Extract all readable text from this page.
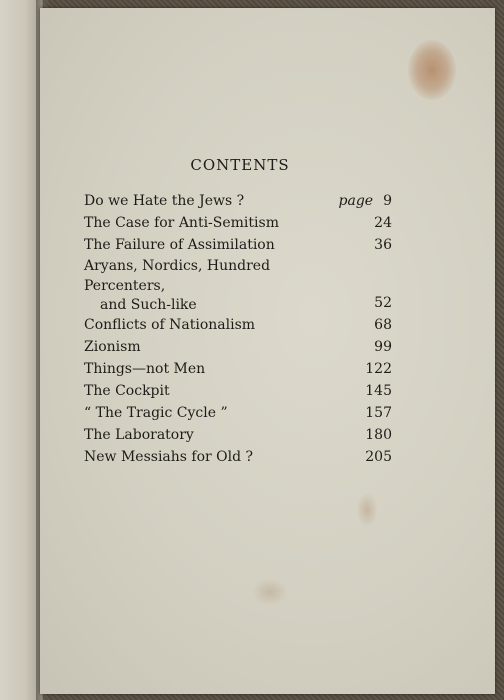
CONTENTS
Do we Hate the Jews ?	page 9
The Case for Anti-Semitism	24
The Failure of Assimilation	36
Aryans, Nordics, Hundred Percenters,
and Such-like	52
Conflicts of Nationalism	68
Zionism	99
Things—not Men	122
The Cockpit	145
“ The Tragic Cycle ”	157
The Laboratory	180
New Messiahs for Old ?	205
